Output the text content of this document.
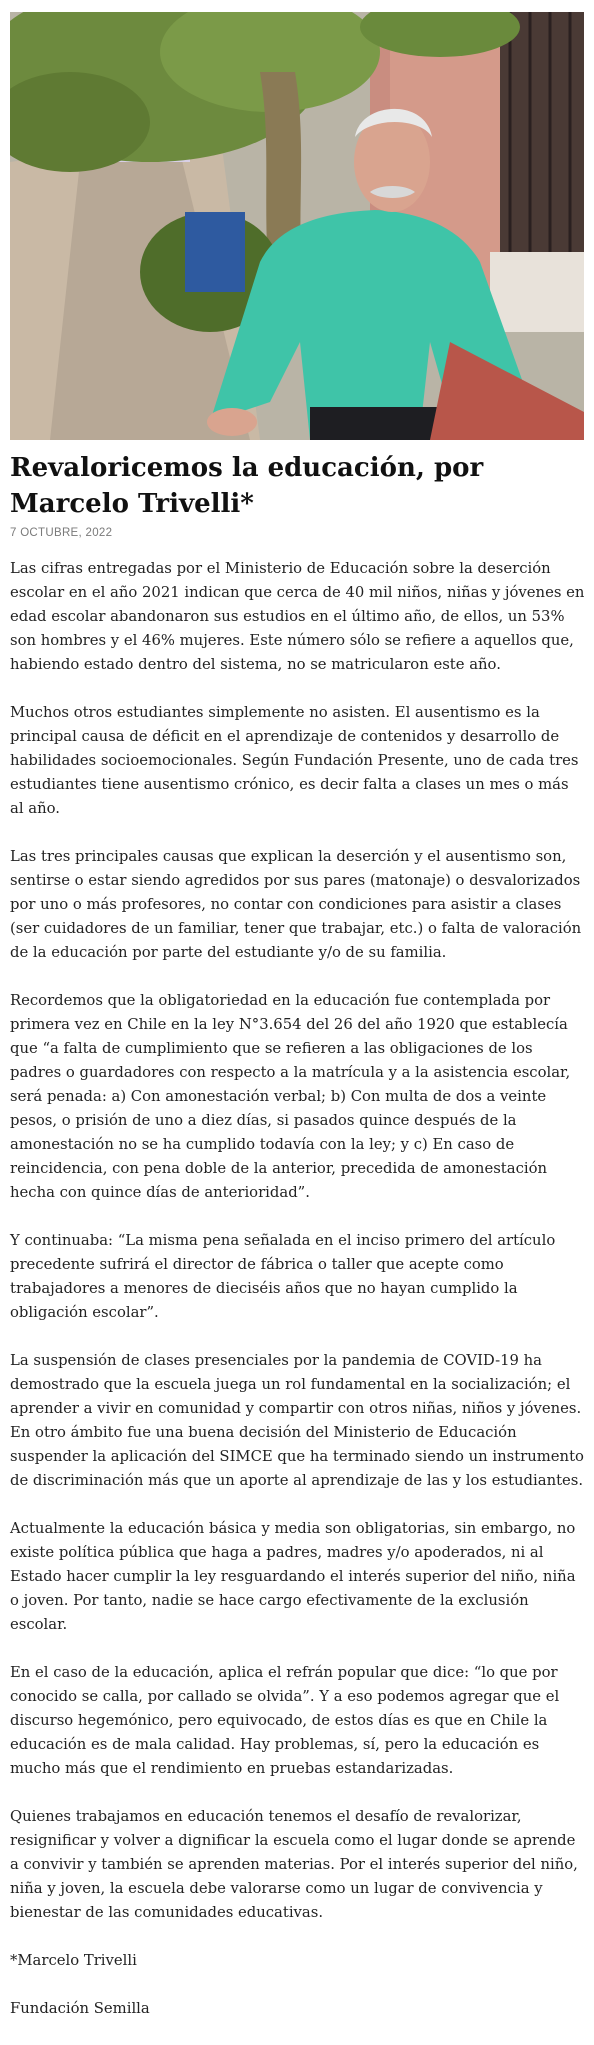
Revaloricemos la educación, por Marcelo Trivelli*
7 OCTUBRE, 2022

Las cifras entregadas por el Ministerio de Educación sobre la deserción escolar en el año 2021 indican que cerca de 40 mil niños, niñas y jóvenes en edad escolar abandonaron sus estudios en el último año, de ellos, un 53% son hombres y el 46% mujeres. Este número sólo se refiere a aquellos que, habiendo estado dentro del sistema, no se matricularon este año.

Muchos otros estudiantes simplemente no asisten. El ausentismo es la principal causa de déficit en el aprendizaje de contenidos y desarrollo de habilidades socioemocionales. Según Fundación Presente, uno de cada tres estudiantes tiene ausentismo crónico, es decir falta a clases un mes o más al año.

Las tres principales causas que explican la deserción y el ausentismo son, sentirse o estar siendo agredidos por sus pares (matonaje) o desvalorizados por uno o más profesores, no contar con condiciones para asistir a clases (ser cuidadores de un familiar, tener que trabajar, etc.) o falta de valoración de la educación por parte del estudiante y/o de su familia.

Recordemos que la obligatoriedad en la educación fue contemplada por primera vez en Chile en la ley N°3.654 del 26 del año 1920 que establecía que “a falta de cumplimiento que se refieren a las obligaciones de los padres o guardadores con respecto a la matrícula y a la asistencia escolar, será penada: a) Con amonestación verbal; b) Con multa de dos a veinte pesos, o prisión de uno a diez días, si pasados quince después de la amonestación no se ha cumplido todavía con la ley; y c) En caso de reincidencia, con pena doble de la anterior, precedida de amonestación hecha con quince días de anterioridad”.

Y continuaba: “La misma pena señalada en el inciso primero del artículo precedente sufrirá el director de fábrica o taller que acepte como trabajadores a menores de dieciséis años que no hayan cumplido la obligación escolar”.

La suspensión de clases presenciales por la pandemia de COVID-19 ha demostrado que la escuela juega un rol fundamental en la socialización; el aprender a vivir en comunidad y compartir con otros niñas, niños y jóvenes. En otro ámbito fue una buena decisión del Ministerio de Educación suspender la aplicación del SIMCE que ha terminado siendo un instrumento de discriminación más que un aporte al aprendizaje de las y los estudiantes.

Actualmente la educación básica y media son obligatorias, sin embargo, no existe política pública que haga a padres, madres y/o apoderados, ni al Estado hacer cumplir la ley resguardando el interés superior del niño, niña o joven. Por tanto, nadie se hace cargo efectivamente de la exclusión escolar.

En el caso de la educación, aplica el refrán popular que dice: “lo que por conocido se calla, por callado se olvida”. Y a eso podemos agregar que el discurso hegemónico, pero equivocado, de estos días es que en Chile la educación es de mala calidad. Hay problemas, sí, pero la educación es mucho más que el rendimiento en pruebas estandarizadas.

Quienes trabajamos en educación tenemos el desafío de revalorizar, resignificar y volver a dignificar la escuela como el lugar donde se aprende a convivir y también se aprenden materias. Por el interés superior del niño, niña y joven, la escuela debe valorarse como un lugar de convivencia y bienestar de las comunidades educativas.

*Marcelo Trivelli

Fundación Semilla
